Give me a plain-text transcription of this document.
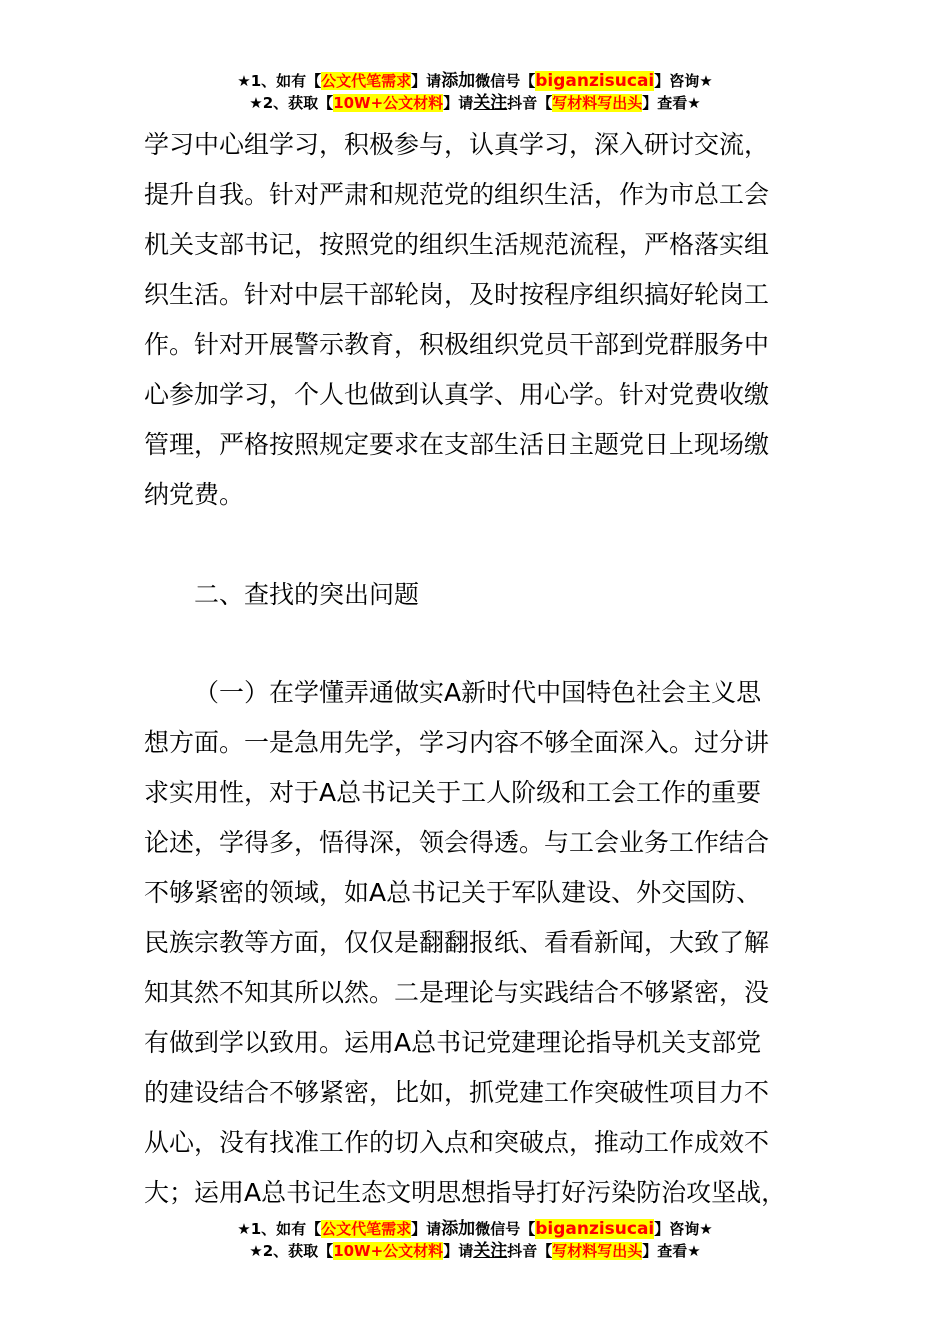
★1、如有【公文代笔需求】请添加微信号【biganzisucai】咨询★
★2、获取【10W+公文材料】请关注抖音【写材料写出头】查看★

学习中心组学习，积极参与，认真学习，深入研讨交流，

提升自我。针对严肃和规范党的组织生活，作为市总工会

机关支部书记，按照党的组织生活规范流程，严格落实组

织生活。针对中层干部轮岗，及时按程序组织搞好轮岗工

作。针对开展警示教育，积极组织党员干部到党群服务中

心参加学习，个人也做到认真学、用心学。针对党费收缴

管理，严格按照规定要求在支部生活日主题党日上现场缴

纳党费。

二、查找的突出问题

（一）在学懂弄通做实A新时代中国特色社会主义思

想方面。一是急用先学，学习内容不够全面深入。过分讲

求实用性，对于A总书记关于工人阶级和工会工作的重要

论述，学得多，悟得深，领会得透。与工会业务工作结合

不够紧密的领域，如A总书记关于军队建设、外交国防、

民族宗教等方面，仅仅是翻翻报纸、看看新闻，大致了解

知其然不知其所以然。二是理论与实践结合不够紧密，没

有做到学以致用。运用A总书记党建理论指导机关支部党

的建设结合不够紧密，比如，抓党建工作突破性项目力不

从心，没有找准工作的切入点和突破点，推动工作成效不

大；运用A总书记生态文明思想指导打好污染防治攻坚战，

★1、如有【公文代笔需求】请添加微信号【biganzisucai】咨询★
★2、获取【10W+公文材料】请关注抖音【写材料写出头】查看★
